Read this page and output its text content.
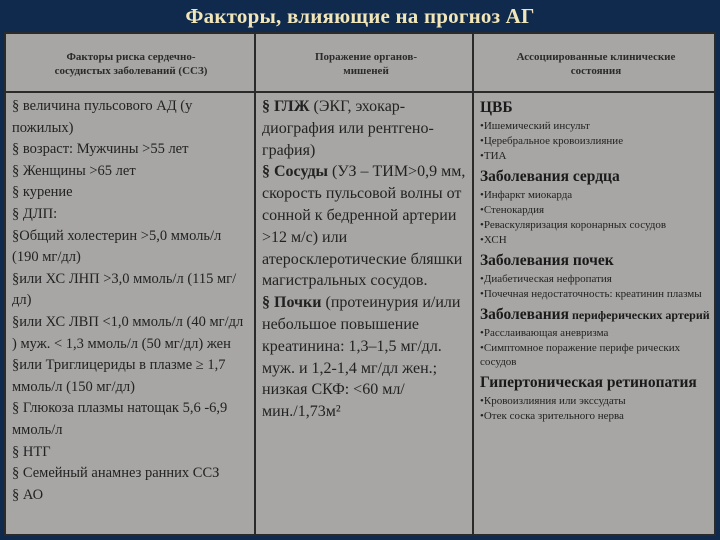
Факторы, влияющие на прогноз АГ
Факторы риска сердечно-сосудистых заболеваний (ССЗ)
Поражение органов-мишеней
Ассоциированные клинические состояния

§ величина пульсового АД (у пожилых)

§ возраст: Мужчины >55 лет

§ Женщины >65 лет

§ курение

§ ДЛП:

§Общий холестерин >5,0 ммоль/л (190 мг/дл)

§или ХС ЛНП >3,0 ммоль/л (115 мг/дл)

§или ХС ЛВП <1,0 ммоль/л (40 мг/дл ) муж. < 1,3 ммоль/л (50 мг/дл) жен

§или Триглицериды в плазме ≥ 1,7 ммоль/л (150 мг/дл)

§ Глюкоза плазмы натощак 5,6 -6,9 ммоль/л

§ НТГ

§ Семейный анамнез ранних ССЗ

§ АО

§ ГЛЖ (ЭКГ, эхокар-диография или рентгено-графия)

§ Сосуды (УЗ – ТИМ>0,9 мм, скорость пульсовой волны от сонной к бедренной артерии >12 м/с) или атеросклеротические бляшки магистральных сосудов.

§ Почки (протеинурия и/или небольшое повышение креатинина: 1,3–1,5 мг/дл. муж. и 1,2-1,4 мг/дл жен.; низкая СКФ: <60 мл/мин./1,73м²

ЦВБ

•Ишемический инсульт

•Церебральное кровоизлияние

•ТИА

Заболевания сердца

•Инфаркт миокарда

•Стенокардия

•Реваскуляризация коронарных сосудов

•ХСН

Заболевания почек

•Диабетическая нефропатия

•Почечная недостаточность: креатинин плазмы

Заболевания периферических артерий

•Расслаивающая аневризма

•Симптомное поражение перифе рических сосудов

Гипертоническая ретинопатия

•Кровоизлияния или экссудаты

•Отек соска зрительного нерва
